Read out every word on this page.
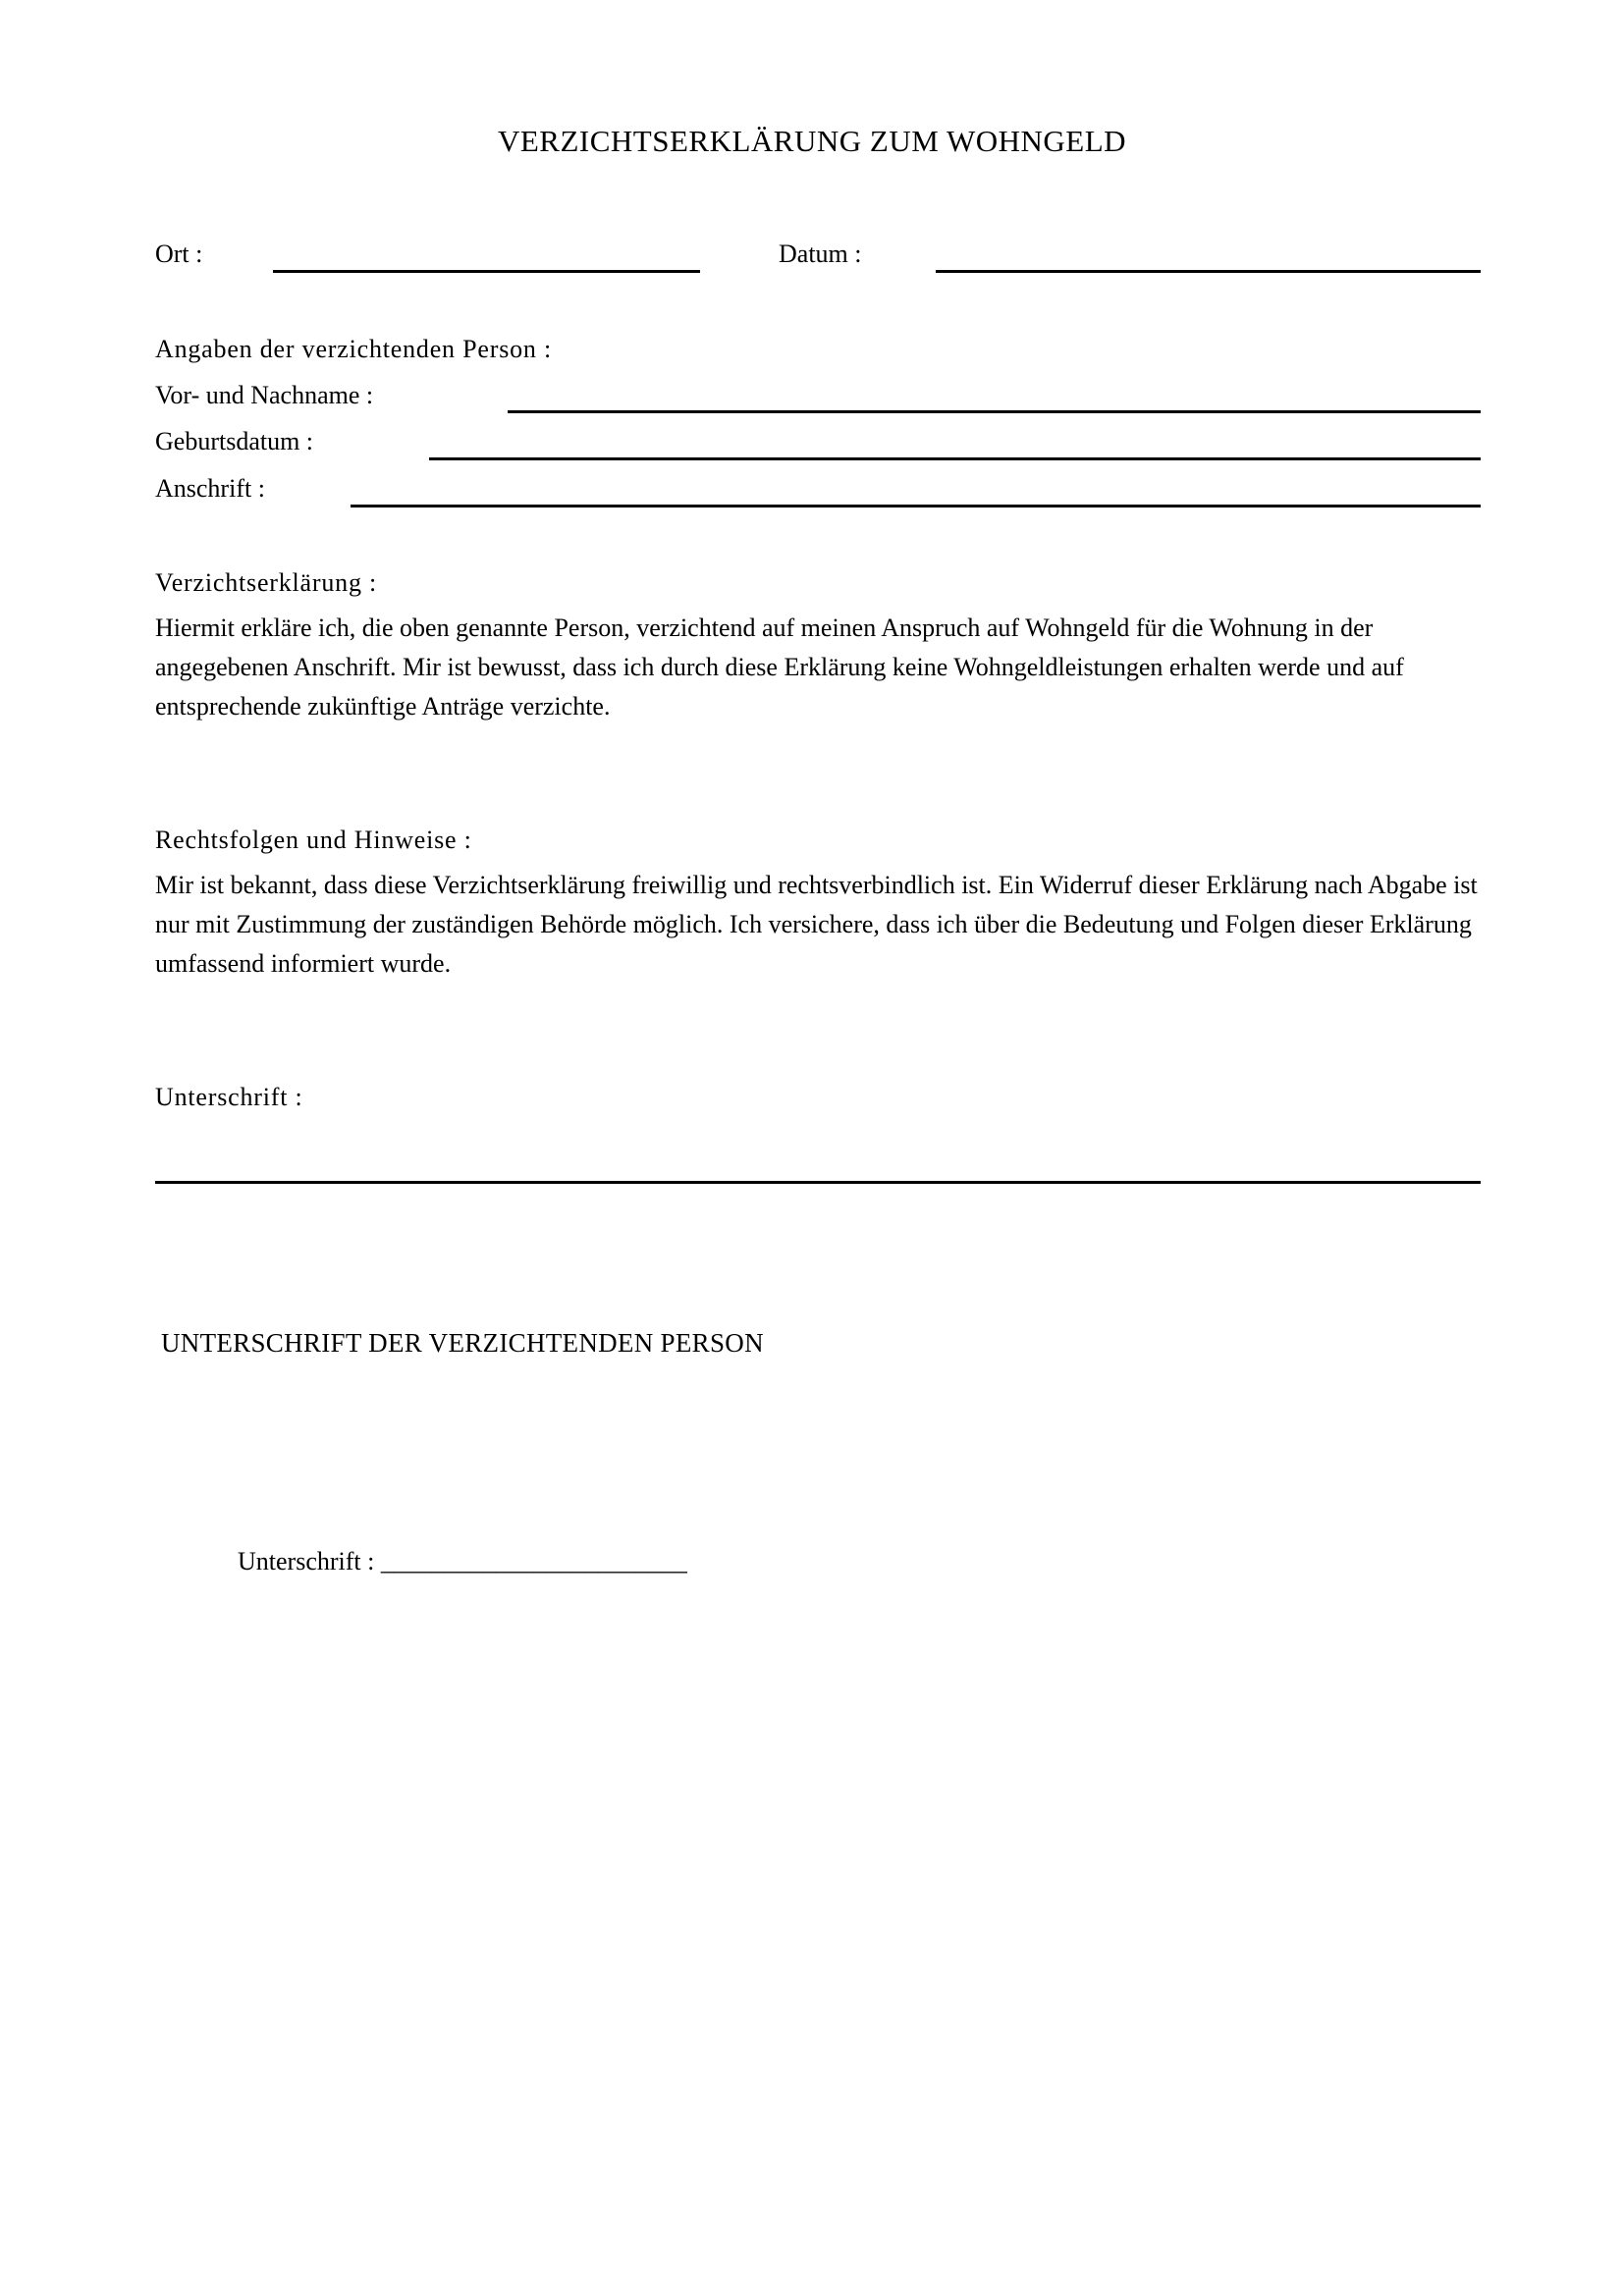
VERZICHTSERKLÄRUNG ZUM WOHNGELD
Ort :	Datum :
Angaben der verzichtenden Person :
Vor- und Nachname :
Geburtsdatum :
Anschrift :
Verzichtserklärung :
Hiermit erkläre ich, die oben genannte Person, verzichtend auf meinen Anspruch auf Wohngeld für die Wohnung in der angegebenen Anschrift. Mir ist bewusst, dass ich durch diese Erklärung keine Wohngeldleistungen erhalten werde und auf entsprechende zukünftige Anträge verzichte.
Rechtsfolgen und Hinweise :
Mir ist bekannt, dass diese Verzichtserklärung freiwillig und rechtsverbindlich ist. Ein Widerruf dieser Erklärung nach Abgabe ist nur mit Zustimmung der zuständigen Behörde möglich. Ich versichere, dass ich über die Bedeutung und Folgen dieser Erklärung umfassend informiert wurde.
Unterschrift :
UNTERSCHRIFT DER VERZICHTENDEN PERSON
Unterschrift : ________________________
